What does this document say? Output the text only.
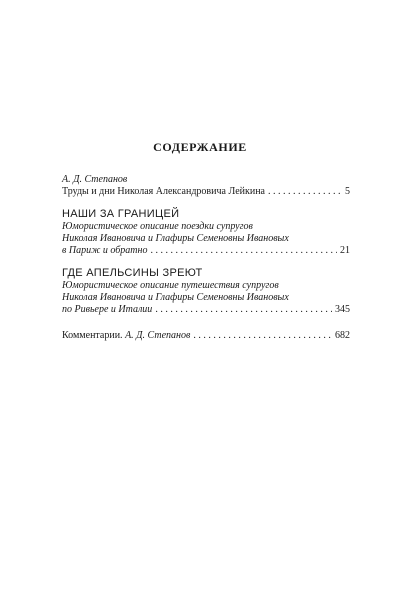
СОДЕРЖАНИЕ
А. Д. Степанов
Труды и дни Николая Александровича Лейкина . . .	5
НАШИ ЗА ГРАНИЦЕЙ
Юмористическое описание поездки супругов
Николая Ивановича и Глафиры Семеновны Ивановых
в Париж и обратно . . .	21
ГДЕ АПЕЛЬСИНЫ ЗРЕЮТ
Юмористическое описание путешествия супругов
Николая Ивановича и Глафиры Семеновны Ивановых
по Ривьере и Италии . . .	345
Комментарии. А. Д. Степанов . . .	682
